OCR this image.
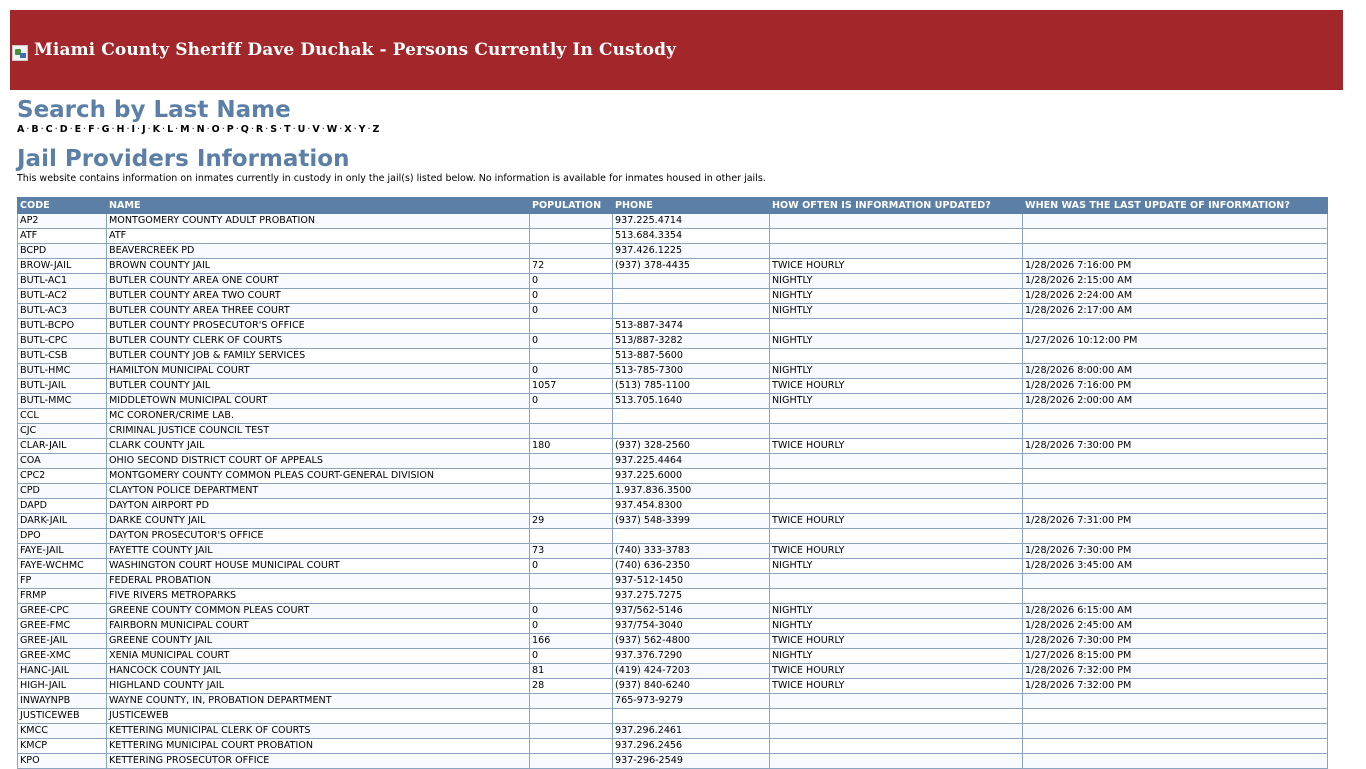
Miami County Sheriff Dave Duchak - Persons Currently In Custody
Search by Last Name
A · B · C · D · E · F · G · H · I · J · K · L · M · N · O · P · Q · R · S · T · U · V · W · X · Y · Z
Jail Providers Information
This website contains information on inmates currently in custody in only the jail(s) listed below. No information is available for inmates housed in other jails.
CODE	NAME	POPULATION	PHONE	HOW OFTEN IS INFORMATION UPDATED?	WHEN WAS THE LAST UPDATE OF INFORMATION?
AP2	MONTGOMERY COUNTY ADULT PROBATION		937.225.4714		
ATF	ATF		513.684.3354		
BCPD	BEAVERCREEK PD		937.426.1225		
BROW-JAIL	BROWN COUNTY JAIL	72	(937) 378-4435	TWICE HOURLY	1/28/2026 7:16:00 PM
BUTL-AC1	BUTLER COUNTY AREA ONE COURT	0		NIGHTLY	1/28/2026 2:15:00 AM
BUTL-AC2	BUTLER COUNTY AREA TWO COURT	0		NIGHTLY	1/28/2026 2:24:00 AM
BUTL-AC3	BUTLER COUNTY AREA THREE COURT	0		NIGHTLY	1/28/2026 2:17:00 AM
BUTL-BCPO	BUTLER COUNTY PROSECUTOR'S OFFICE		513-887-3474		
BUTL-CPC	BUTLER COUNTY CLERK OF COURTS	0	513/887-3282	NIGHTLY	1/27/2026 10:12:00 PM
BUTL-CSB	BUTLER COUNTY JOB & FAMILY SERVICES		513-887-5600		
BUTL-HMC	HAMILTON MUNICIPAL COURT	0	513-785-7300	NIGHTLY	1/28/2026 8:00:00 AM
BUTL-JAIL	BUTLER COUNTY JAIL	1057	(513) 785-1100	TWICE HOURLY	1/28/2026 7:16:00 PM
BUTL-MMC	MIDDLETOWN MUNICIPAL COURT	0	513.705.1640	NIGHTLY	1/28/2026 2:00:00 AM
CCL	MC CORONER/CRIME LAB.				
CJC	CRIMINAL JUSTICE COUNCIL TEST				
CLAR-JAIL	CLARK COUNTY JAIL	180	(937) 328-2560	TWICE HOURLY	1/28/2026 7:30:00 PM
COA	OHIO SECOND DISTRICT COURT OF APPEALS		937.225.4464		
CPC2	MONTGOMERY COUNTY COMMON PLEAS COURT-GENERAL DIVISION		937.225.6000		
CPD	CLAYTON POLICE DEPARTMENT		1.937.836.3500		
DAPD	DAYTON AIRPORT PD		937.454.8300		
DARK-JAIL	DARKE COUNTY JAIL	29	(937) 548-3399	TWICE HOURLY	1/28/2026 7:31:00 PM
DPO	DAYTON PROSECUTOR'S OFFICE				
FAYE-JAIL	FAYETTE COUNTY JAIL	73	(740) 333-3783	TWICE HOURLY	1/28/2026 7:30:00 PM
FAYE-WCHMC	WASHINGTON COURT HOUSE MUNICIPAL COURT	0	(740) 636-2350	NIGHTLY	1/28/2026 3:45:00 AM
FP	FEDERAL PROBATION		937-512-1450		
FRMP	FIVE RIVERS METROPARKS		937.275.7275		
GREE-CPC	GREENE COUNTY COMMON PLEAS COURT	0	937/562-5146	NIGHTLY	1/28/2026 6:15:00 AM
GREE-FMC	FAIRBORN MUNICIPAL COURT	0	937/754-3040	NIGHTLY	1/28/2026 2:45:00 AM
GREE-JAIL	GREENE COUNTY JAIL	166	(937) 562-4800	TWICE HOURLY	1/28/2026 7:30:00 PM
GREE-XMC	XENIA MUNICIPAL COURT	0	937.376.7290	NIGHTLY	1/27/2026 8:15:00 PM
HANC-JAIL	HANCOCK COUNTY JAIL	81	(419) 424-7203	TWICE HOURLY	1/28/2026 7:32:00 PM
HIGH-JAIL	HIGHLAND COUNTY JAIL	28	(937) 840-6240	TWICE HOURLY	1/28/2026 7:32:00 PM
INWAYNPB	WAYNE COUNTY, IN, PROBATION DEPARTMENT		765-973-9279		
JUSTICEWEB	JUSTICEWEB				
KMCC	KETTERING MUNICIPAL CLERK OF COURTS		937.296.2461		
KMCP	KETTERING MUNICIPAL COURT PROBATION		937.296.2456		
KPO	KETTERING PROSECUTOR OFFICE		937-296-2549		
